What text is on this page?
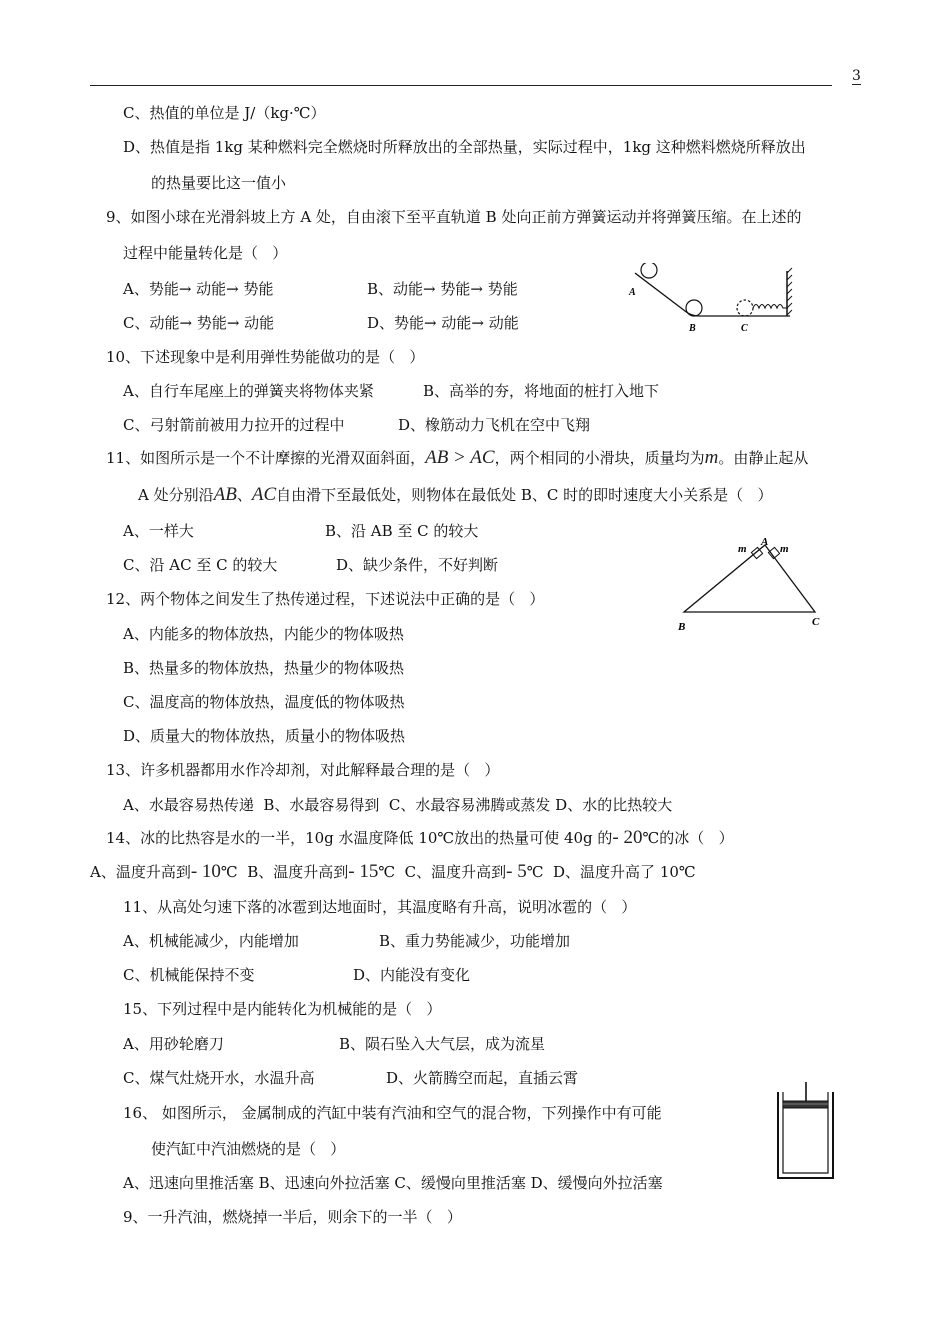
3
C、热值的单位是 J/（kg·℃）
D、热值是指 1kg 某种燃料完全燃烧时所释放出的全部热量，实际过程中，1kg 这种燃料燃烧所释放出
的热量要比这一值小
9、如图小球在光滑斜坡上方 A 处，自由滚下至平直轨道 B 处向正前方弹簧运动并将弹簧压缩。在上述的
过程中能量转化是（   ）
A、势能→ 动能→ 势能	B、动能→ 势能→ 势能
C、动能→ 势能→ 动能	D、势能→ 动能→ 动能
A
B	C
10、下述现象中是利用弹性势能做功的是（   ）
A、自行车尾座上的弹簧夹将物体夹紧	B、高举的夯，将地面的桩打入地下
C、弓射箭前被用力拉开的过程中	D、橡筋动力飞机在空中飞翔
11、如图所示是一个不计摩擦的光滑双面斜面，AB > AC，两个相同的小滑块，质量均为m。由静止起从
A 处分别沿AB、AC自由滑下至最低处，则物体在最低处 B、C 时的即时速度大小关系是（   ）
A、一样大	B、沿 AB 至 C 的较大
C、沿 AC 至 C 的较大	D、缺少条件，不好判断
A
m	m
B	C
12、两个物体之间发生了热传递过程，下述说法中正确的是（   ）
A、内能多的物体放热，内能少的物体吸热
B、热量多的物体放热，热量少的物体吸热
C、温度高的物体放热，温度低的物体吸热
D、质量大的物体放热，质量小的物体吸热
13、许多机器都用水作冷却剂，对此解释最合理的是（   ）
A、水最容易热传递  B、水最容易得到  C、水最容易沸腾或蒸发 D、水的比热较大
14、冰的比热容是水的一半，10g 水温度降低 10℃放出的热量可使 40g 的- 20℃的冰（   ）
A、温度升高到- 10℃  B、温度升高到- 15℃  C、温度升高到- 5℃  D、温度升高了 10℃
11、从高处匀速下落的冰雹到达地面时，其温度略有升高，说明冰雹的（   ）
A、机械能减少，内能增加	B、重力势能减少，功能增加
C、机械能保持不变	D、内能没有变化
15、下列过程中是内能转化为机械能的是（   ）
A、用砂轮磨刀	B、陨石坠入大气层，成为流星
C、煤气灶烧开水，水温升高	D、火箭腾空而起，直插云霄
16、 如图所示， 金属制成的汽缸中装有汽油和空气的混合物，下列操作中有可能
使汽缸中汽油燃烧的是（   ）
A、迅速向里推活塞 B、迅速向外拉活塞 C、缓慢向里推活塞 D、缓慢向外拉活塞
9、一升汽油，燃烧掉一半后，则余下的一半（   ）
